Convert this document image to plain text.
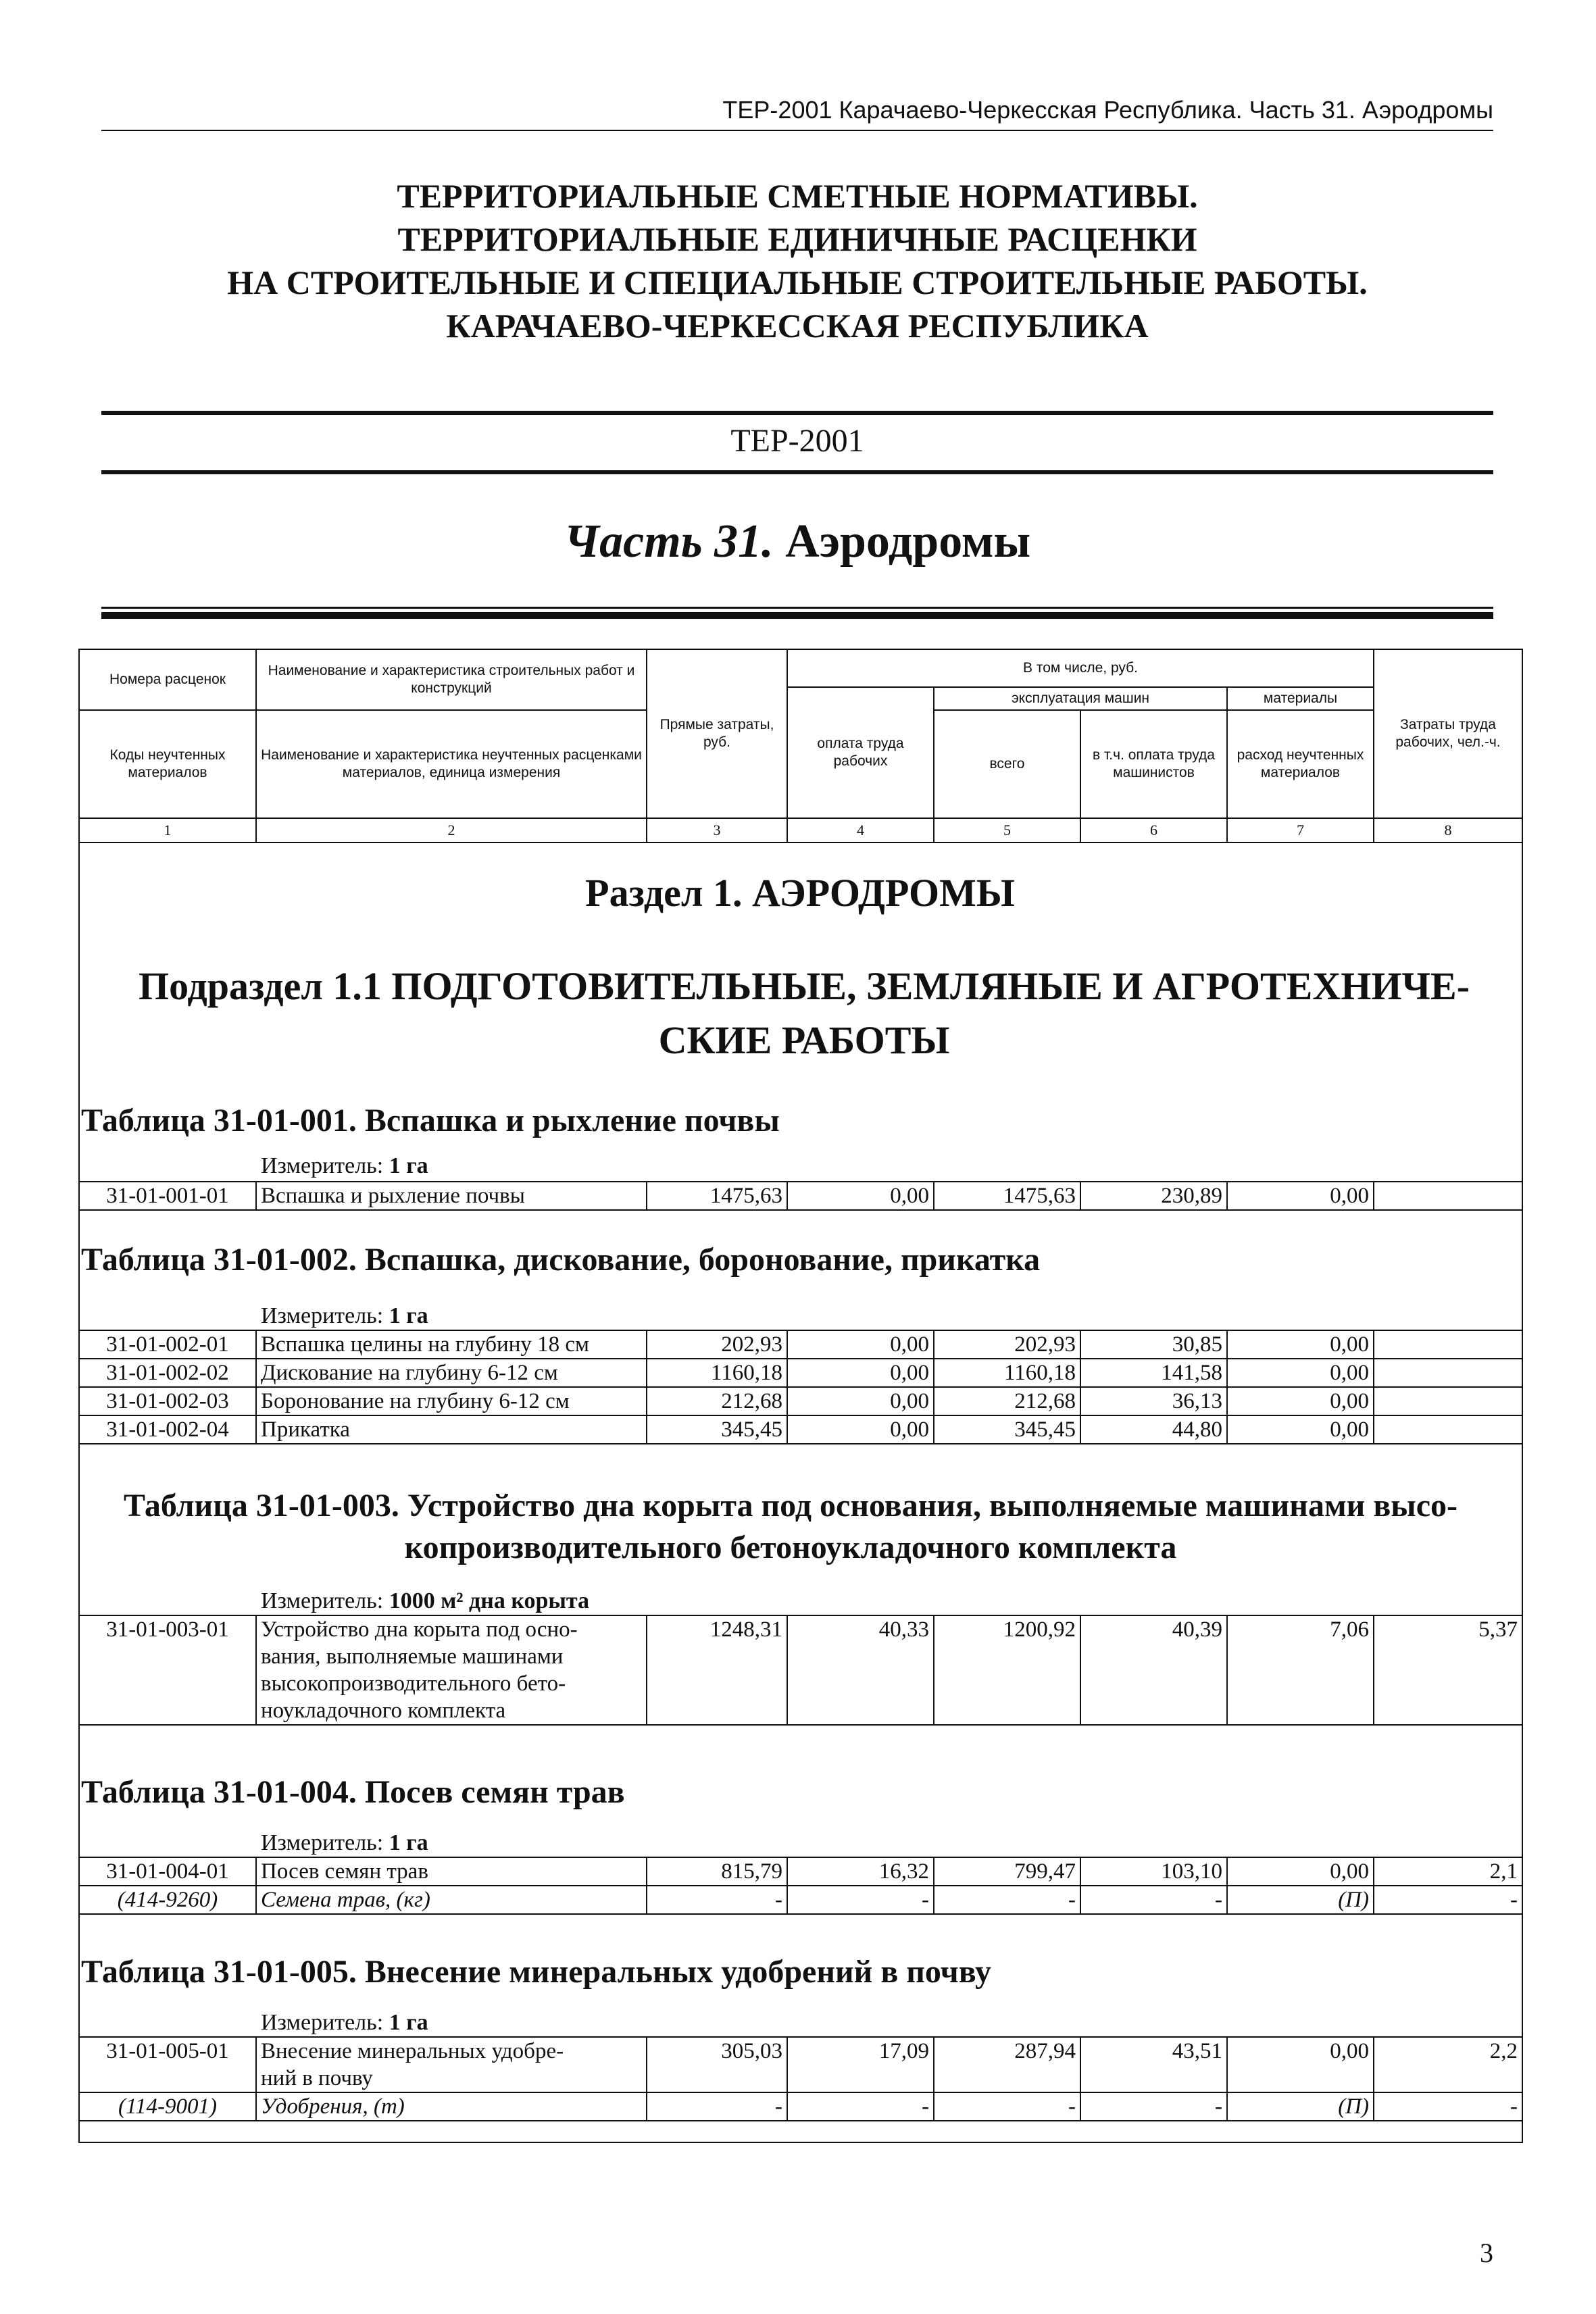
ТЕР-2001 Карачаево-Черкесская Республика. Часть 31. Аэродромы
ТЕРРИТОРИАЛЬНЫЕ СМЕТНЫЕ НОРМАТИВЫ.
ТЕРРИТОРИАЛЬНЫЕ ЕДИНИЧНЫЕ РАСЦЕНКИ
НА СТРОИТЕЛЬНЫЕ И СПЕЦИАЛЬНЫЕ СТРОИТЕЛЬНЫЕ РАБОТЫ.
КАРАЧАЕВО-ЧЕРКЕССКАЯ РЕСПУБЛИКА
ТЕР-2001
Часть 31. Аэродромы
Номера расценок	Наименование и характеристика строительных работ и конструкций	Прямые затраты, руб.	В том числе, руб.				Затраты труда рабочих, чел.-ч.
			оплата труда рабочих	эксплуатация машин		материалы	
Коды неучтенных материалов	Наименование и характеристика неучтенных расценками материалов, единица измерения			всего	в т.ч. оплата труда машинистов	расход неучтенных материалов	

1	2	3	4	5	6	7	8
Раздел 1. АЭРОДРОМЫ
Подраздел 1.1 ПОДГОТОВИТЕЛЬНЫЕ, ЗЕМЛЯНЫЕ И АГРОТЕХНИЧЕ-
СКИЕ РАБОТЫ
Таблица 31-01-001. Вспашка и рыхление почвы
Измеритель: 1 га
31-01-001-01	Вспашка и рыхление почвы	1475,63	0,00	1475,63	230,89	0,00	
Таблица 31-01-002. Вспашка, дискование, боронование, прикатка
Измеритель: 1 га
31-01-002-01	Вспашка целины на глубину 18 см	202,93	0,00	202,93	30,85	0,00	
31-01-002-02	Дискование на глубину 6-12 см	1160,18	0,00	1160,18	141,58	0,00	
31-01-002-03	Боронование на глубину 6-12 см	212,68	0,00	212,68	36,13	0,00	
31-01-002-04	Прикатка	345,45	0,00	345,45	44,80	0,00	
Таблица 31-01-003. Устройство дна корыта под основания, выполняемые машинами высо-
копроизводительного бетоноукладочного комплекта
Измеритель: 1000 м² дна корыта
31-01-003-01	Устройство дна корыта под осно-
вания, выполняемые машинами
высокопроизводительного бето-
ноукладочного комплекта	1248,31	40,33	1200,92	40,39	7,06	5,37
Таблица 31-01-004. Посев семян трав
Измеритель: 1 га
31-01-004-01	Посев семян трав	815,79	16,32	799,47	103,10	0,00	2,1
(414-9260)	Семена трав, (кг)	-	-	-	-	(П)	-
Таблица 31-01-005. Внесение минеральных удобрений в почву
Измеритель: 1 га
31-01-005-01	Внесение минеральных удобре-
ний в почву	305,03	17,09	287,94	43,51	0,00	2,2
(114-9001)	Удобрения, (т)	-	-	-	-	(П)	-
3
